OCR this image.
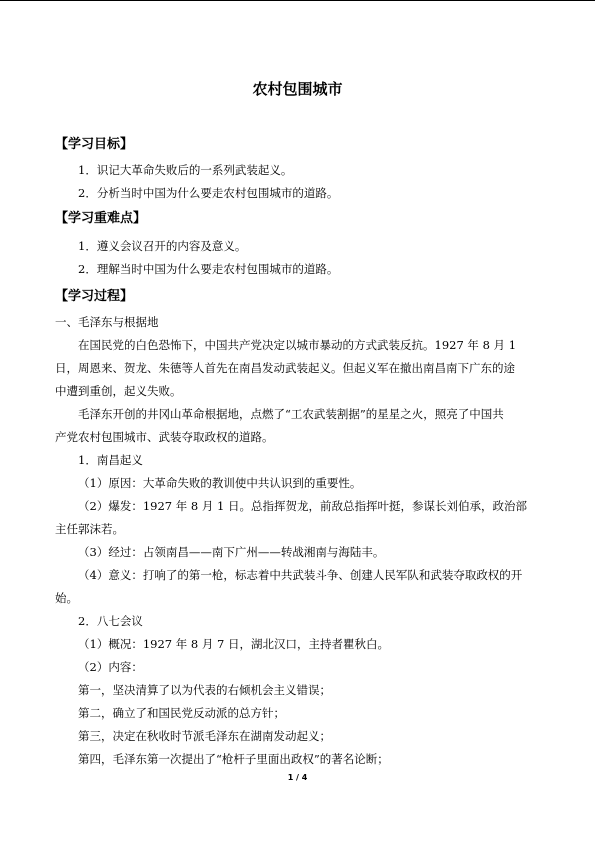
农村包围城市
【学习目标】
1．识记大革命失败后的一系列武装起义。
2．分析当时中国为什么要走农村包围城市的道路。
【学习重难点】
1．遵义会议召开的内容及意义。
2．理解当时中国为什么要走农村包围城市的道路。
【学习过程】
一、毛泽东与根据地
在国民党的白色恐怖下，中国共产党决定以城市暴动的方式武装反抗。1927 年 8 月 1
日，周恩来、贺龙、朱德等人首先在南昌发动武装起义。但起义军在撤出南昌南下广东的途
中遭到重创，起义失败。
毛泽东开创的井冈山革命根据地，点燃了“工农武装割据”的星星之火，照亮了中国共
产党农村包围城市、武装夺取政权的道路。
1．南昌起义
（1）原因：大革命失败的教训使中共认识到的重要性。
（2）爆发：1927 年 8 月 1 日。总指挥贺龙，前敌总指挥叶挺，参谋长刘伯承，政治部
主任郭沫若。
（3）经过：占领南昌——南下广州——转战湘南与海陆丰。
（4）意义：打响了的第一枪，标志着中共武装斗争、创建人民军队和武装夺取政权的开
始。
2．八七会议
（1）概况：1927 年 8 月 7 日，湖北汉口，主持者瞿秋白。
（2）内容：
第一，坚决清算了以为代表的右倾机会主义错误；
第二，确立了和国民党反动派的总方针；
第三，决定在秋收时节派毛泽东在湖南发动起义；
第四，毛泽东第一次提出了“枪杆子里面出政权”的著名论断；
1 / 4
